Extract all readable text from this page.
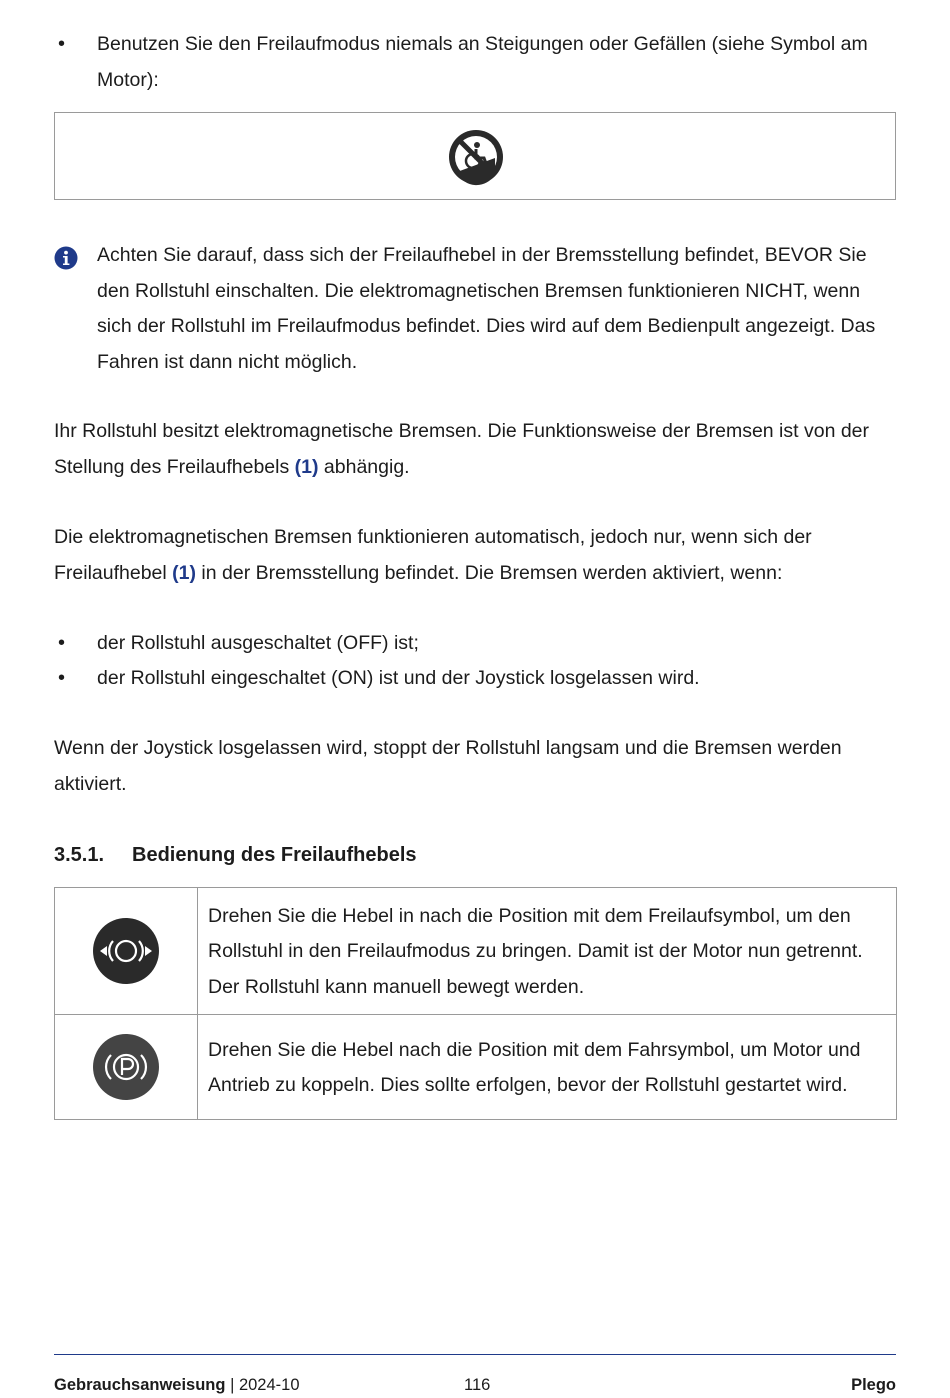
• Benutzen Sie den Freilaufmodus niemals an Steigungen oder Gefällen (siehe Symbol am Motor):
Achten Sie darauf, dass sich der Freilaufhebel in der Bremsstellung befindet, BEVOR Sie den Rollstuhl einschalten. Die elektromagnetischen Bremsen funktionieren NICHT, wenn sich der Rollstuhl im Freilaufmodus befindet. Dies wird auf dem Bedienpult angezeigt. Das Fahren ist dann nicht möglich.
Ihr Rollstuhl besitzt elektromagnetische Bremsen. Die Funktionsweise der Bremsen ist von der Stellung des Freilaufhebels (1) abhängig.
Die elektromagnetischen Bremsen funktionieren automatisch, jedoch nur, wenn sich der Freilaufhebel (1) in der Bremsstellung befindet. Die Bremsen werden aktiviert, wenn:
• der Rollstuhl ausgeschaltet (OFF) ist;
• der Rollstuhl eingeschaltet (ON) ist und der Joystick losgelassen wird.
Wenn der Joystick losgelassen wird, stoppt der Rollstuhl langsam und die Bremsen werden aktiviert.
3.5.1. Bedienung des Freilaufhebels
	Drehen Sie die Hebel in nach die Position mit dem Freilaufsymbol, um den Rollstuhl in den Freilaufmodus zu bringen. Damit ist der Motor nun getrennt. Der Rollstuhl kann manuell bewegt werden.

	Drehen Sie die Hebel nach die Position mit dem Fahrsymbol, um Motor und Antrieb zu koppeln. Dies sollte erfolgen, bevor der Rollstuhl gestartet wird.
Gebrauchsanweisung | 2024-10	116	Plego
